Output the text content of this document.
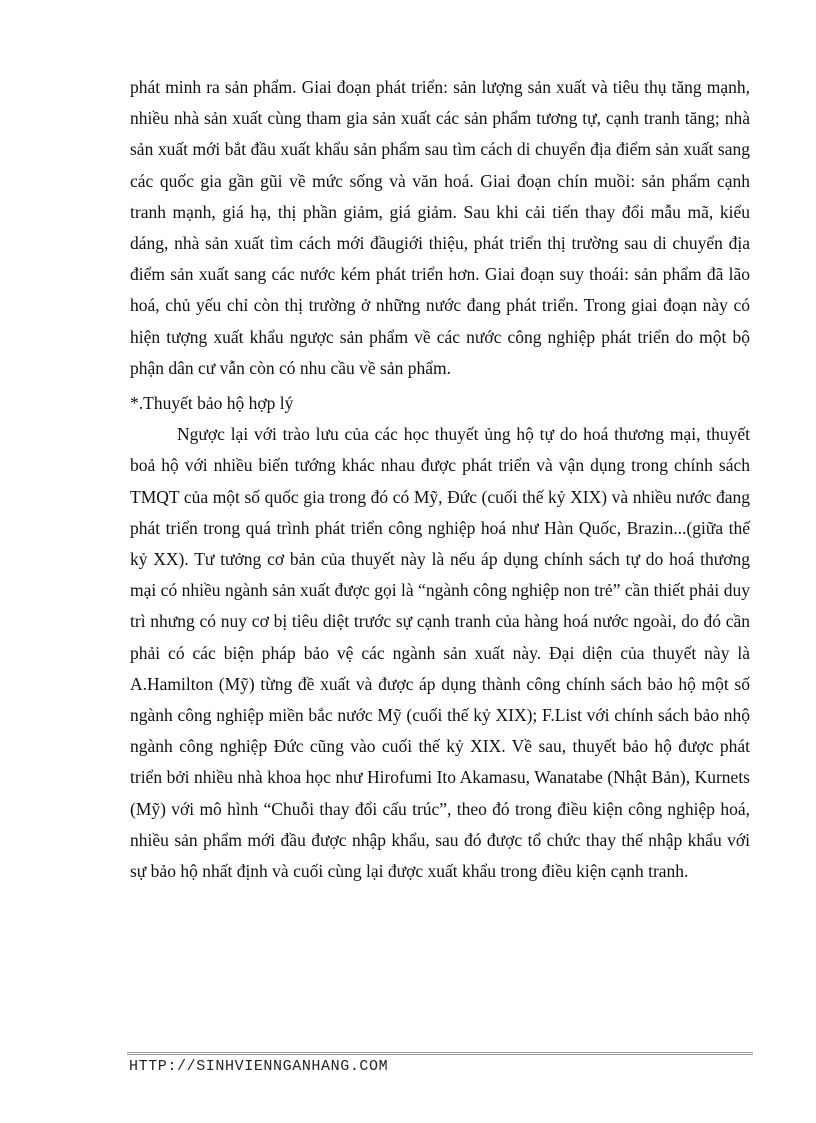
phát minh ra sản phẩm. Giai đoạn phát triển: sản lượng sản xuất và tiêu thụ tăng mạnh, nhiều nhà sản xuất cùng tham gia sản xuất các sản phẩm tương tự, cạnh tranh tăng; nhà sản xuất mới bắt đầu xuất khẩu sản phẩm sau tìm cách di chuyển địa điểm sản xuất sang các quốc gia gần gũi về mức sống và văn hoá. Giai đoạn chín muồi: sản phẩm cạnh tranh mạnh, giá hạ, thị phần giảm, giá giảm. Sau khi cải tiến thay đổi mẫu mã, kiểu dáng, nhà sản xuất tìm cách mới đầugiới thiệu, phát triển thị trường sau di chuyển địa điểm sản xuất sang các nước kém phát triển hơn. Giai đoạn suy thoái: sản phẩm đã lão hoá, chủ yếu chỉ còn thị trường ở những nước đang phát triển. Trong giai đoạn này có hiện tượng xuất khẩu ngược sản phẩm về các nước công nghiệp phát triển do một bộ phận dân cư vẫn còn có nhu cầu về sản phẩm.

*.Thuyết bảo hộ hợp lý

Ngược lại với trào lưu của các học thuyết ủng hộ tự do hoá thương mại, thuyết boả hộ với nhiều biến tướng khác nhau được phát triển và vận dụng trong chính sách TMQT của một số quốc gia trong đó có Mỹ, Đức (cuối thế kỷ XIX) và nhiều nước đang phát triển trong quá trình phát triển công nghiệp hoá như Hàn Quốc, Brazin...(giữa thế kỷ XX). Tư tưởng cơ bản của thuyết này là nếu áp dụng chính sách tự do hoá thương mại có nhiều ngành sản xuất được gọi là “ngành công nghiệp non trẻ” cần thiết phải duy trì nhưng có nuy cơ bị tiêu diệt trước sự cạnh tranh của hàng hoá nước ngoài, do đó cần phải có các biện pháp bảo vệ các ngành sản xuất này. Đại diện của thuyết này là A.Hamilton (Mỹ) từng đề xuất và được áp dụng thành công chính sách bảo hộ một số ngành công nghiệp miền bắc nước Mỹ (cuối thế kỷ XIX); F.List với chính sách bảo nhộ ngành công nghiệp Đức cũng vào cuối thế kỷ XIX. Về sau, thuyết bảo hộ được phát triển bởi nhiều nhà khoa học như Hirofumi Ito Akamasu, Wanatabe (Nhật Bản), Kurnets (Mỹ) với mô hình “Chuỗi thay đổi cấu trúc”, theo đó trong điều kiện công nghiệp hoá, nhiều sản phẩm mới đầu được nhập khẩu, sau đó được tổ chức thay thế nhập khẩu với sự bảo hộ nhất định và cuối cùng lại được xuất khẩu trong điều kiện cạnh tranh.

HTTP://SINHVIENNGANHANG.COM
